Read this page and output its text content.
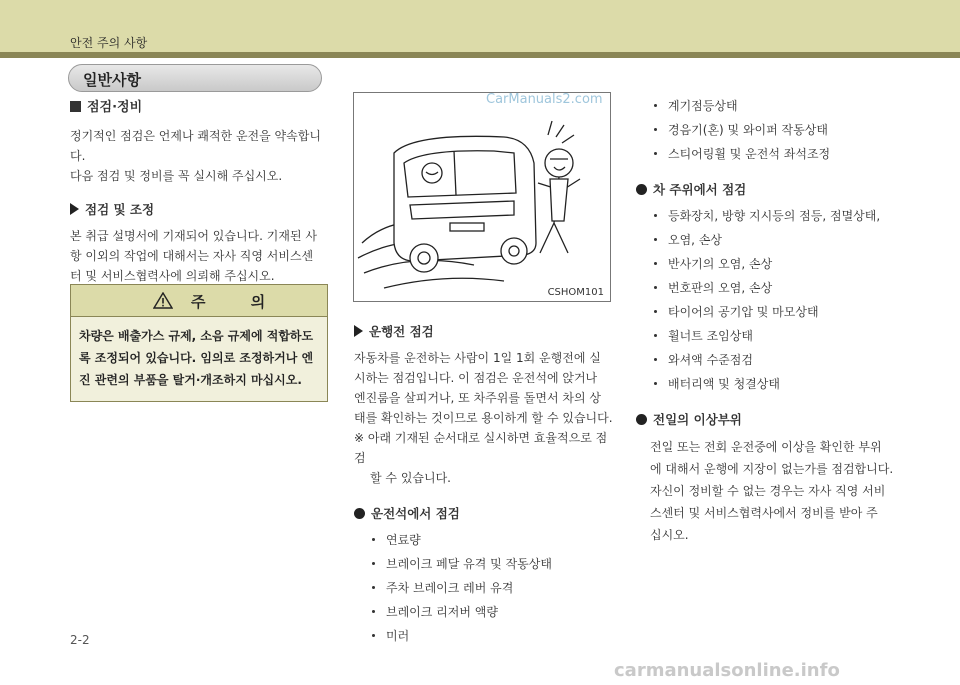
안전 주의 사항
일반사항

점검·정비

정기적인 점검은 언제나 쾌적한 운전을 약속합니다.

다음 점검 및 정비를 꼭 실시해 주십시오.

점검 및 조정

본 취급 설명서에 기재되어 있습니다. 기재된 사

항 이외의 작업에 대해서는 자사 직영 서비스센

터 및 서비스협력사에 의뢰해 주십시오.

주 의
차량은 배출가스 규제, 소음 규제에 적합하도
록 조정되어 있습니다. 임의로 조정하거나 엔
진 관련의 부품을 탈거·개조하지 마십시오.
CSHOM101

운행전 점검

자동차를 운전하는 사람이 1일 1회 운행전에 실

시하는 점검입니다. 이 점검은 운전석에 앉거나

엔진룸을 살피거나, 또 차주위를 돌면서 차의 상

태를 확인하는 것이므로 용이하게 할 수 있습니다.

※ 아래 기재된 순서대로 실시하면 효율적으로 점검

할 수 있습니다.

운전석에서 점검

연료량
브레이크 페달 유격 및 작동상태
주차 브레이크 레버 유격
브레이크 리저버 액량
미러
계기점등상태
경음기(혼) 및 와이퍼 작동상태
스티어링휠 및 운전석 좌석조정

차 주위에서 점검

등화장치, 방향 지시등의 점등, 점멸상태,
오염, 손상
반사기의 오염, 손상
번호판의 오염, 손상
타이어의 공기압 및 마모상태
휠너트 조임상태
와셔액 수준점검
배터리액 및 청결상태

전일의 이상부위

전일 또는 전회 운전중에 이상을 확인한 부위

에 대해서 운행에 지장이 없는가를 점검합니다.

자신이 정비할 수 없는 경우는 자사 직영 서비

스센터 및 서비스협력사에서 정비를 받아 주

십시오.

CarManuals2.com
2-2
carmanualsonline.info
